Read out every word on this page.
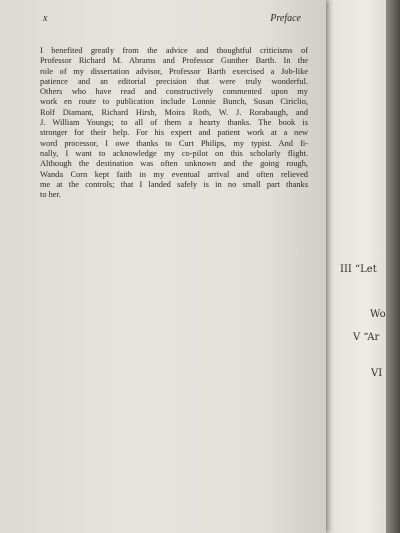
III “Let
Wo
V “Ar
VI
x	Preface
I benefited greatly from the advice and thoughtful criticisms of
Professor Richard M. Abrams and Professor Gunther Barth. In the
role of my dissertation advisor, Professor Barth exercised a Job-like
patience and an editorial precision that were truly wonderful.
Others who have read and constructively commented upon my
work en route to publication include Lonnie Bunch, Susan Ciriclio,
Rolf Diamant, Richard Hirsh, Moira Roth, W. J. Rorabaugh, and
J. William Youngs; to all of them a hearty thanks. The book is
stronger for their help. For his expert and patient work at a new
word processor, I owe thanks to Curt Philips, my typist. And fi-
nally, I want to acknowledge my co-pilot on this scholarly flight.
Although the destination was often unknown and the going rough,
Wanda Corn kept faith in my eventual arrival and often relieved
me at the controls; that I landed safely is in no small part thanks
to her.
